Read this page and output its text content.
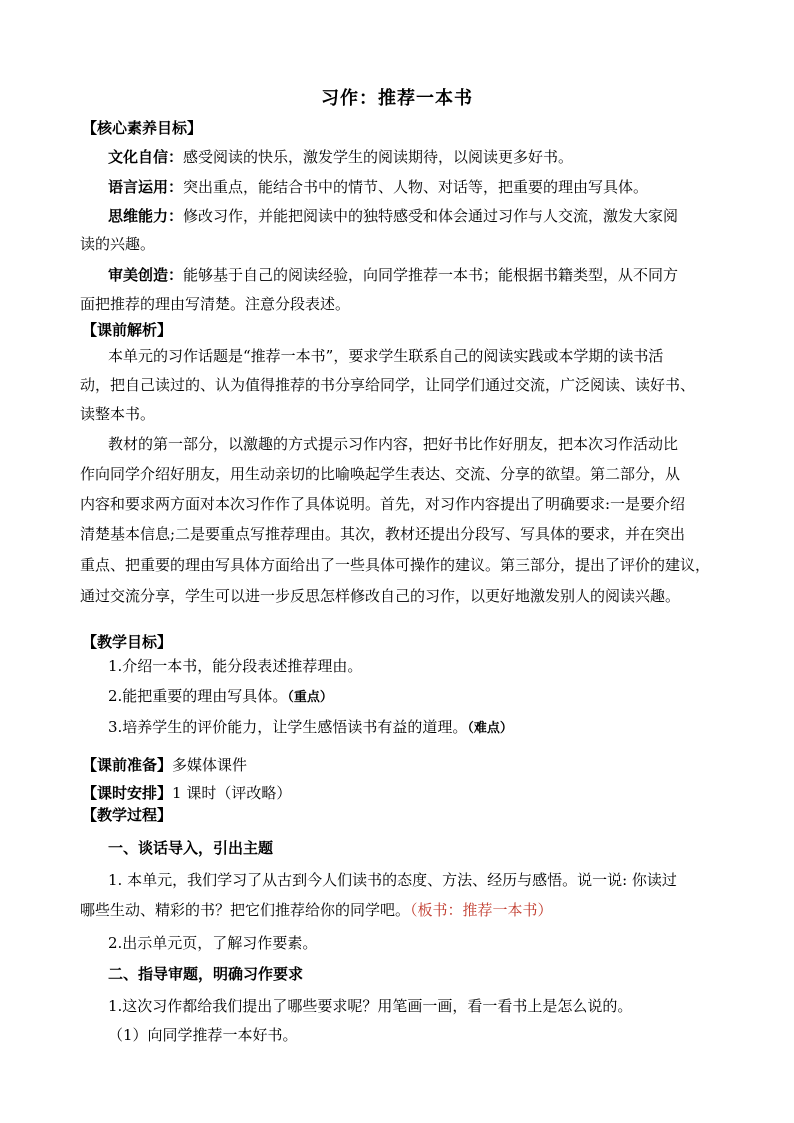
习作：推荐一本书
【核心素养目标】
文化自信：感受阅读的快乐，激发学生的阅读期待，以阅读更多好书。
语言运用：突出重点，能结合书中的情节、人物、对话等，把重要的理由写具体。
思维能力：修改习作，并能把阅读中的独特感受和体会通过习作与人交流，激发大家阅
读的兴趣。
审美创造：能够基于自己的阅读经验，向同学推荐一本书；能根据书籍类型，从不同方
面把推荐的理由写清楚。注意分段表述。
【课前解析】
本单元的习作话题是“推荐一本书”，要求学生联系自己的阅读实践或本学期的读书活
动，把自己读过的、认为值得推荐的书分享给同学，让同学们通过交流，广泛阅读、读好书、
读整本书。
教材的第一部分，以激趣的方式提示习作内容，把好书比作好朋友，把本次习作活动比
作向同学介绍好朋友，用生动亲切的比喻唤起学生表达、交流、分享的欲望。第二部分，从
内容和要求两方面对本次习作作了具体说明。首先，对习作内容提出了明确要求:一是要介绍
清楚基本信息;二是要重点写推荐理由。其次，教材还提出分段写、写具体的要求，并在突出
重点、把重要的理由写具体方面给出了一些具体可操作的建议。第三部分，提出了评价的建议，
通过交流分享，学生可以进一步反思怎样修改自己的习作，以更好地激发别人的阅读兴趣。
【教学目标】
1.介绍一本书，能分段表述推荐理由。
2.能把重要的理由写具体。（重点）
3.培养学生的评价能力，让学生感悟读书有益的道理。（难点）
【课前准备】多媒体课件
【课时安排】1 课时（评改略）
【教学过程】
一、谈话导入，引出主题
1. 本单元，我们学习了从古到今人们读书的态度、方法、经历与感悟。说一说: 你读过
哪些生动、精彩的书？把它们推荐给你的同学吧。（板书：推荐一本书）
2.出示单元页，了解习作要素。
二、指导审题，明确习作要求
1.这次习作都给我们提出了哪些要求呢？用笔画一画，看一看书上是怎么说的。
（1）向同学推荐一本好书。
